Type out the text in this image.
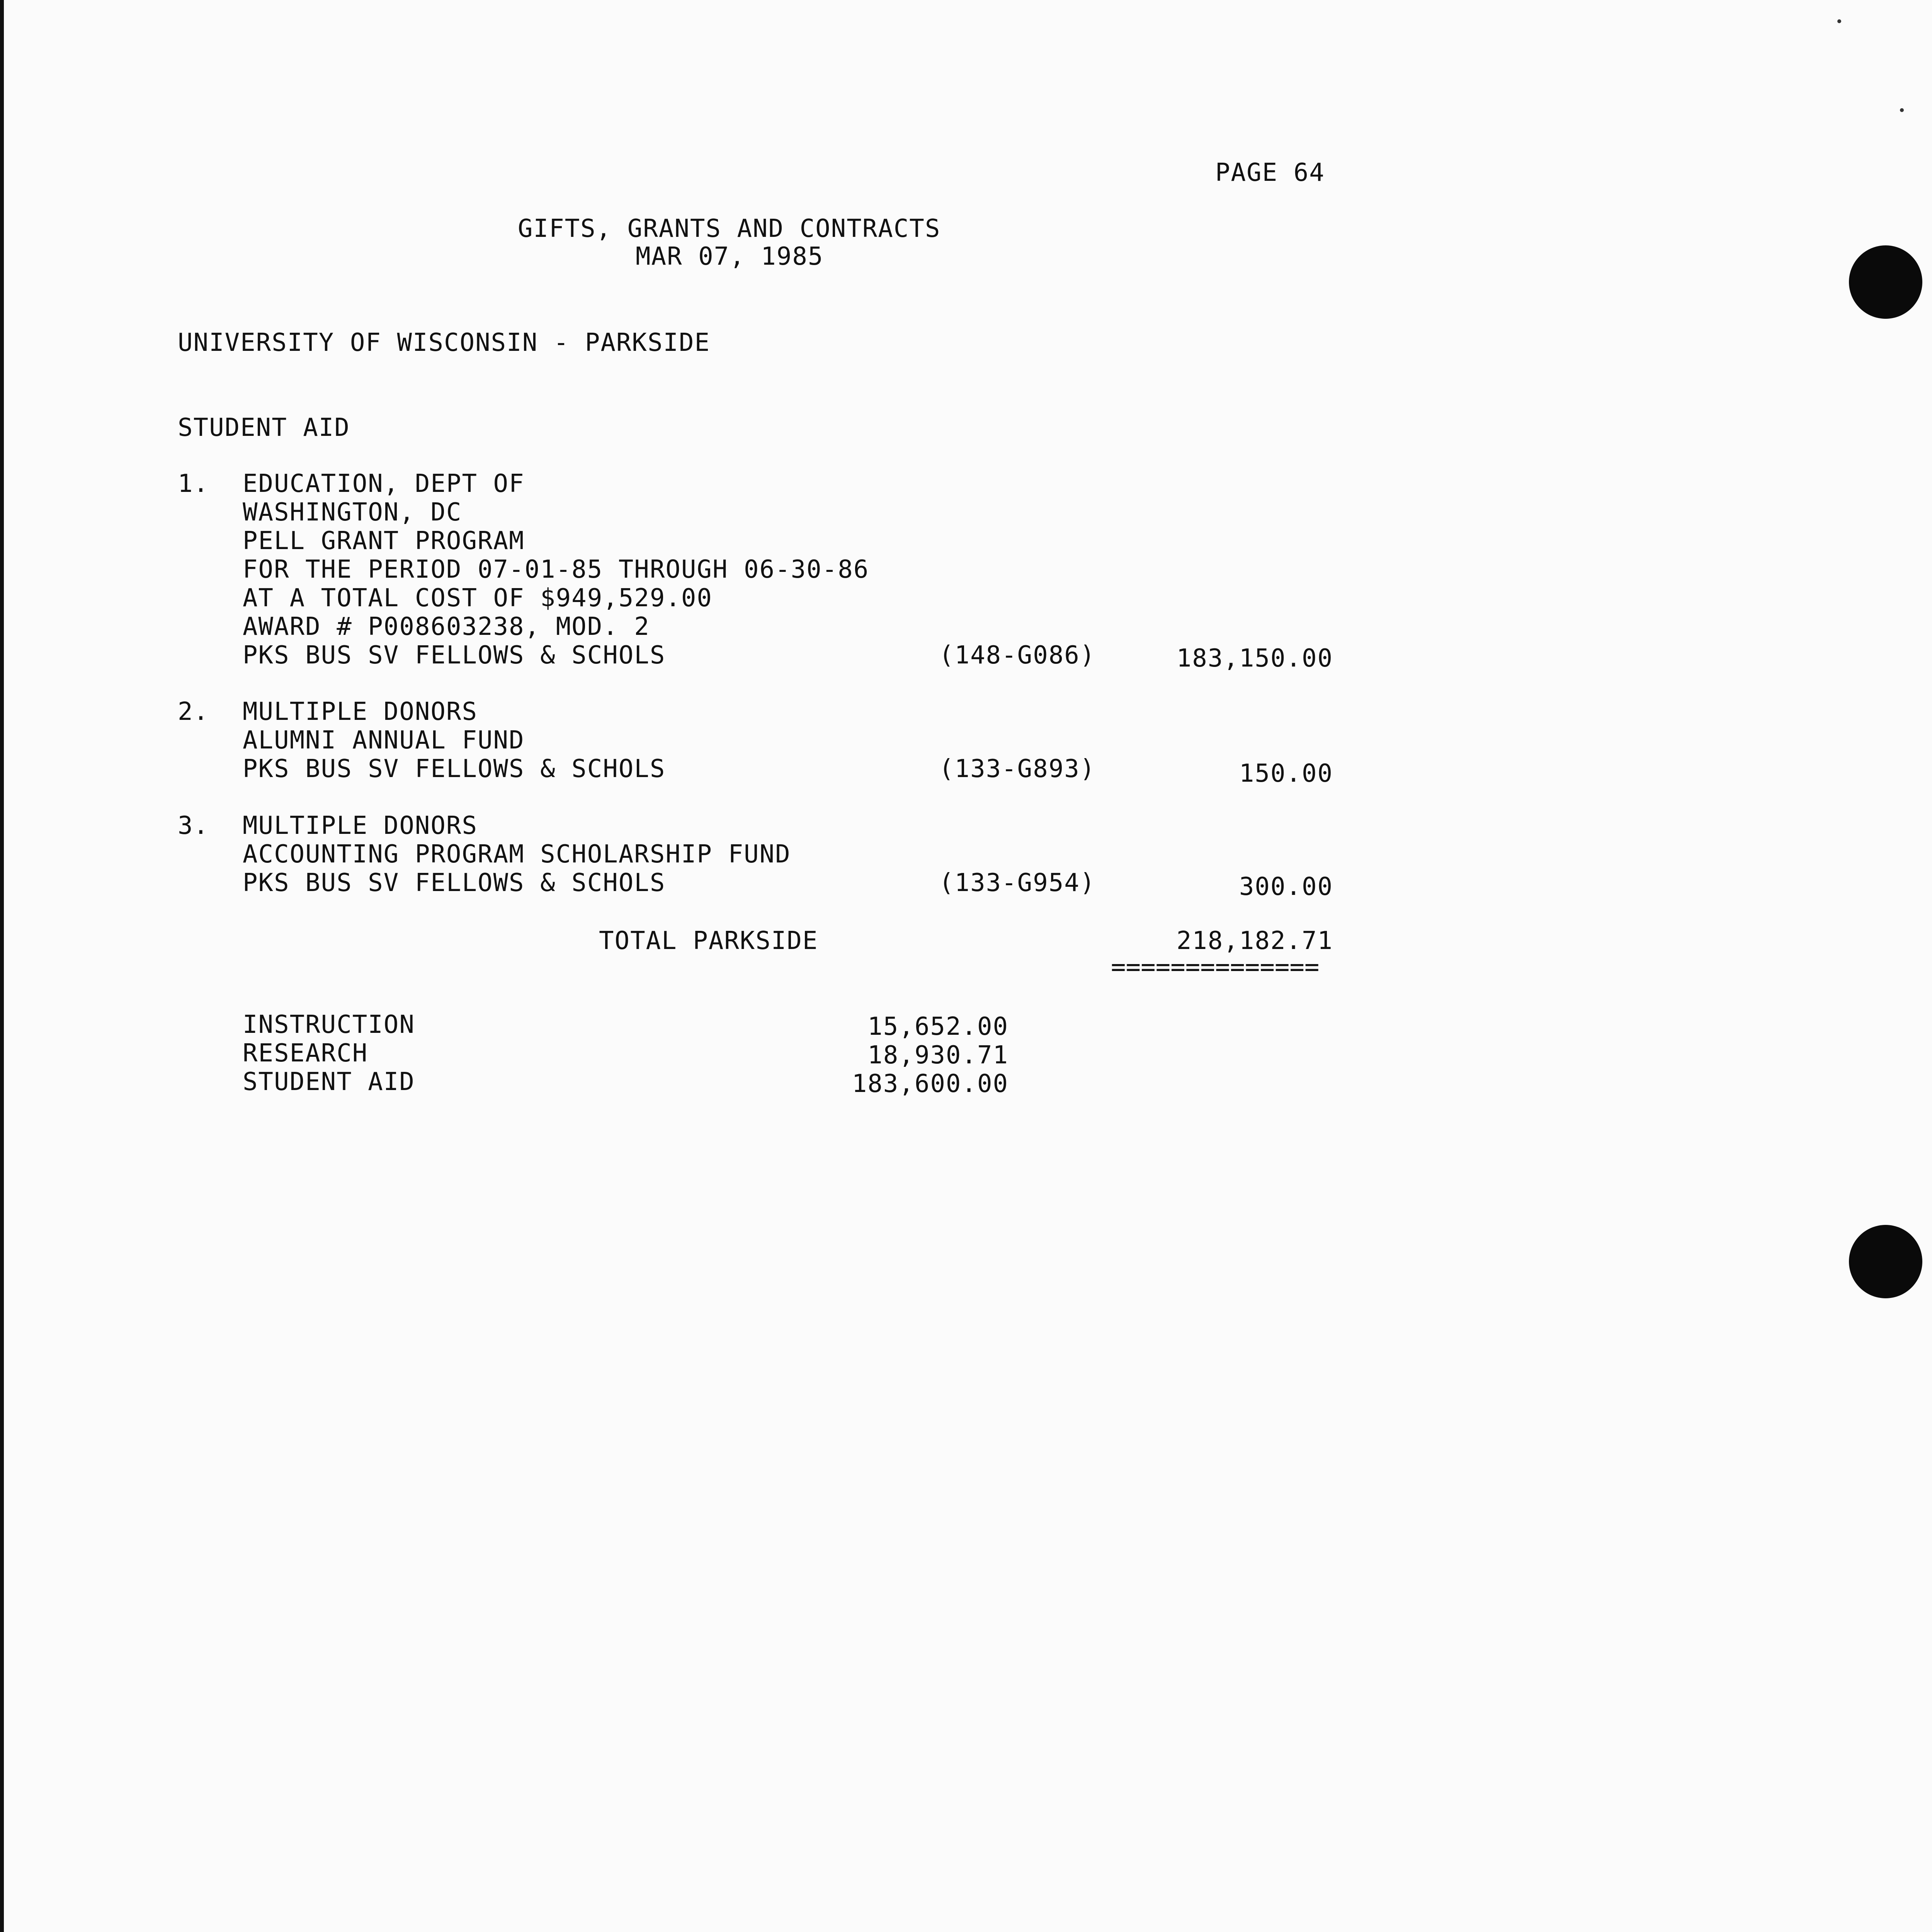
PAGE 64
GIFTS, GRANTS AND CONTRACTS
MAR 07, 1985
UNIVERSITY OF WISCONSIN - PARKSIDE
STUDENT AID
1. EDUCATION, DEPT OF
WASHINGTON, DC
PELL GRANT PROGRAM
FOR THE PERIOD 07-01-85 THROUGH 06-30-86
AT A TOTAL COST OF $949,529.00
AWARD # P008603238, MOD. 2
PKS BUS SV FELLOWS & SCHOLS	(148-G086)	183,150.00
2. MULTIPLE DONORS
ALUMNI ANNUAL FUND
PKS BUS SV FELLOWS & SCHOLS	(133-G893)	150.00
3. MULTIPLE DONORS
ACCOUNTING PROGRAM SCHOLARSHIP FUND
PKS BUS SV FELLOWS & SCHOLS	(133-G954)	300.00
TOTAL PARKSIDE	218,182.71
==============
INSTRUCTION	15,652.00
RESEARCH	18,930.71
STUDENT AID	183,600.00
